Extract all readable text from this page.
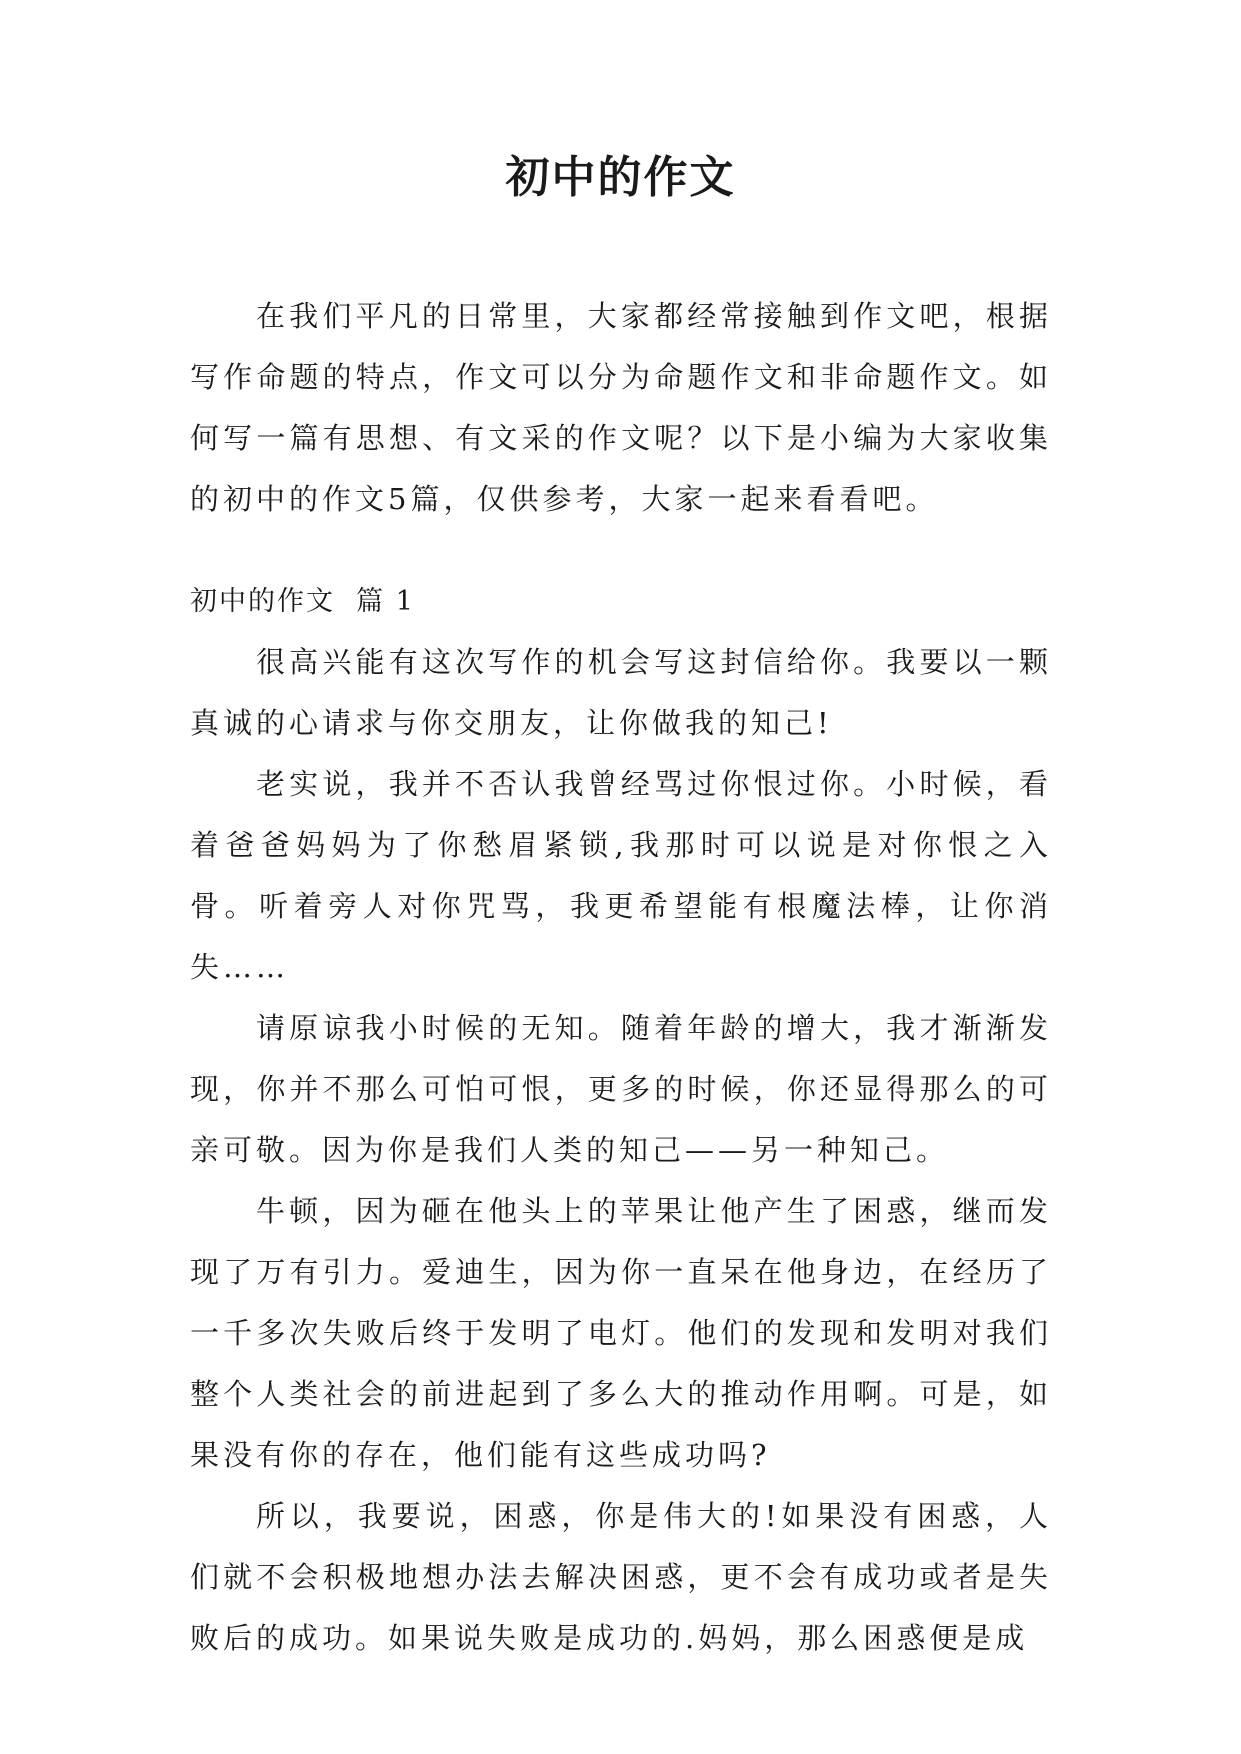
初中的作文

在我们平凡的日常里，大家都经常接触到作文吧，根据写作命题的特点，作文可以分为命题作文和非命题作文。如何写一篇有思想、有文采的作文呢？以下是小编为大家收集的初中的作文5篇，仅供参考，大家一起来看看吧。

初中的作文  篇 1

很高兴能有这次写作的机会写这封信给你。我要以一颗真诚的心请求与你交朋友，让你做我的知己!

老实说，我并不否认我曾经骂过你恨过你。小时候，看着爸爸妈妈为了你愁眉紧锁,我那时可以说是对你恨之入骨。听着旁人对你咒骂，我更希望能有根魔法棒，让你消失……

请原谅我小时候的无知。随着年龄的增大，我才渐渐发现，你并不那么可怕可恨，更多的时候，你还显得那么的可亲可敬。因为你是我们人类的知己——另一种知己。

牛顿，因为砸在他头上的苹果让他产生了困惑，继而发现了万有引力。爱迪生，因为你一直呆在他身边，在经历了一千多次失败后终于发明了电灯。他们的发现和发明对我们整个人类社会的前进起到了多么大的推动作用啊。可是，如果没有你的存在，他们能有这些成功吗?

所以，我要说，困惑，你是伟大的!如果没有困惑，人们就不会积极地想办法去解决困惑，更不会有成功或者是失败后的成功。如果说失败是成功的.妈妈，那么困惑便是成
